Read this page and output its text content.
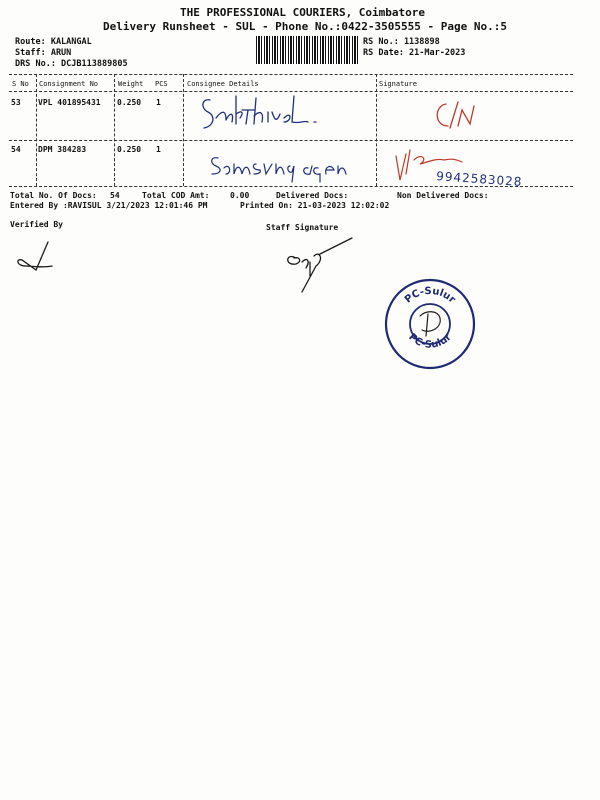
THE PROFESSIONAL COURIERS, Coimbatore
Delivery Runsheet - SUL - Phone No.:0422-3505555 - Page No.:5
Route: KALANGAL
Staff: ARUN
DRS No.: DCJB113889805
RS No.: 1138898
RS Date: 21-Mar-2023
S No Consignment No	Weight PCS	Consignee Details	Signature
53 VPL 401895431 0.250 1
54 DPM 384283	0.250 1
9942583028
Total No. Of Docs: 54	Total COD Amt:	0.00	Delivered Docs:	Non Delivered Docs:
Entered By :RAVISUL 3/21/2023 12:01:46 PM	Printed On: 21-03-2023 12:02:02
Verified By	Staff Signature
PC-Sulur
PC-Sulur
